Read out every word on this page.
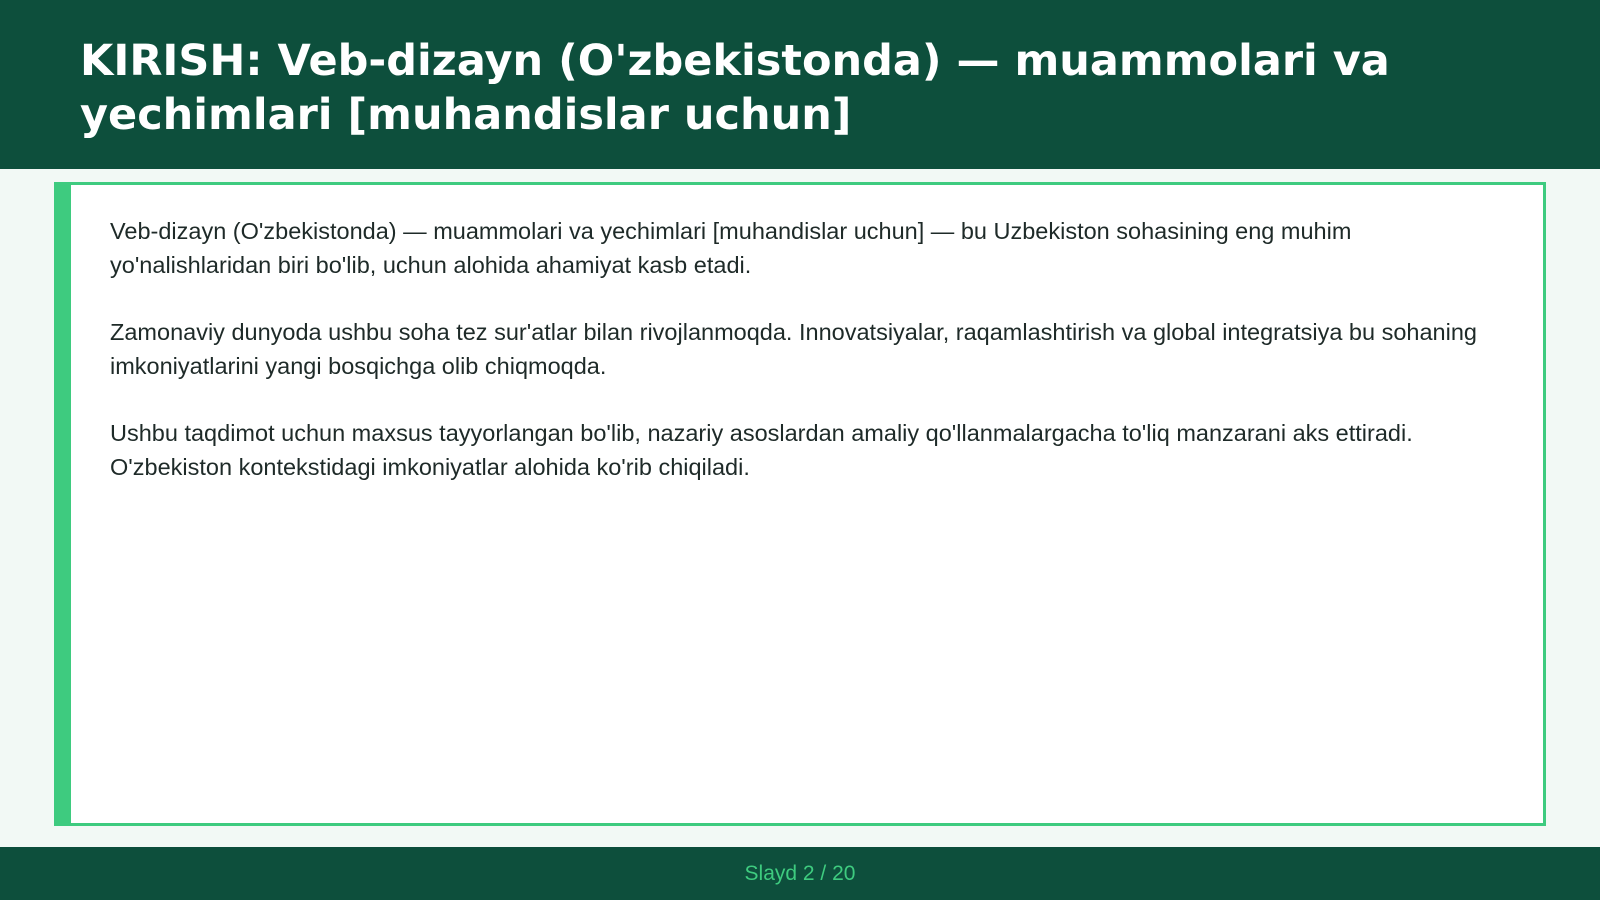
KIRISH: Veb-dizayn (O'zbekistonda) — muammolari va yechimlari [muhandislar uchun]

Veb-dizayn (O'zbekistonda) — muammolari va yechimlari [muhandislar uchun] — bu Uzbekiston sohasining eng muhim yo'nalishlaridan biri bo'lib, uchun alohida ahamiyat kasb etadi.

Zamonaviy dunyoda ushbu soha tez sur'atlar bilan rivojlanmoqda. Innovatsiyalar, raqamlashtirish va global integratsiya bu sohaning imkoniyatlarini yangi bosqichga olib chiqmoqda.

Ushbu taqdimot uchun maxsus tayyorlangan bo'lib, nazariy asoslardan amaliy qo'llanmalargacha to'liq manzarani aks ettiradi. O'zbekiston kontekstidagi imkoniyatlar alohida ko'rib chiqiladi.

Slayd 2 / 20
